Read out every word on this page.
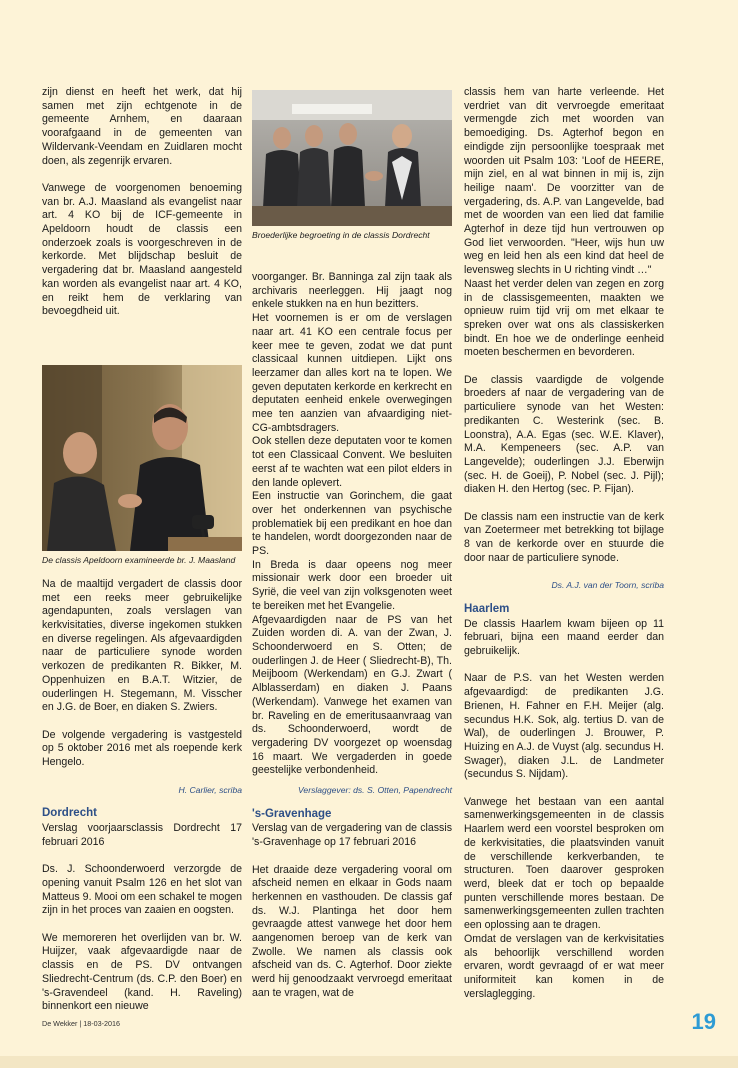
zijn dienst en heeft het werk, dat hij samen met zijn echtgenote in de gemeente Arnhem, en daaraan voorafgaand in de gemeenten van Wildervank-Veendam en Zuidlaren mocht doen, als zegenrijk ervaren.

Vanwege de voorgenomen benoeming van br. A.J. Maasland als evangelist naar art. 4 KO bij de ICF-gemeente in Apeldoorn houdt de classis een onderzoek zoals is voorgeschreven in de kerkorde. Met blijdschap besluit de vergadering dat br. Maasland aangesteld kan worden als evangelist naar art. 4 KO, en reikt hem de verklaring van bevoegdheid uit.

De classis Apeldoorn examineerde br. J. Maasland

Na de maaltijd vergadert de classis door met een reeks meer gebruikelijke agendapunten, zoals verslagen van kerkvisitaties, diverse ingekomen stukken en diverse regelingen. Als afgevaardigden naar de particuliere synode worden verkozen de predikanten R. Bikker, M. Oppenhuizen en B.A.T. Witzier, de ouderlingen H. Stegemann, M. Visscher en J.G. de Boer, en diaken S. Zwiers.

De volgende vergadering is vastgesteld op 5 oktober 2016 met als roepende kerk Hengelo.

H. Carlier, scriba
Dordrecht

Verslag voorjaarsclassis Dordrecht 17 februari 2016

Ds. J. Schoonderwoerd verzorgde de opening vanuit Psalm 126 en het slot van Matteus 9. Mooi om een schakel te mogen zijn in het proces van zaaien en oogsten.

We memoreren het overlijden van br. W. Huijzer, vaak afgevaardigde naar de classis en de PS. DV ontvangen Sliedrecht-Centrum (ds. C.P. den Boer) en 's-Gravendeel (kand. H. Raveling) binnenkort een nieuwe

Broederlijke begroeting in de classis Dordrecht

voorganger. Br. Banninga zal zijn taak als archivaris neerleggen. Hij jaagt nog enkele stukken na en hun bezitters.

Het voornemen is er om de verslagen naar art. 41 KO een centrale focus per keer mee te geven, zodat we dat punt classicaal kunnen uitdiepen. Lijkt ons leerzamer dan alles kort na te lopen. We geven deputaten kerkorde en kerkrecht en deputaten eenheid enkele overwegingen mee ten aanzien van afvaardiging niet-CG-ambtsdragers.

Ook stellen deze deputaten voor te komen tot een Classicaal Convent. We besluiten eerst af te wachten wat een pilot elders in den lande oplevert.

Een instructie van Gorinchem, die gaat over het onderkennen van psychische problematiek bij een predikant en hoe dan te handelen, wordt doorgezonden naar de PS.

In Breda is daar opeens nog meer missionair werk door een broeder uit Syrië, die veel van zijn volksgenoten weet te bereiken met het Evangelie.

Afgevaardigden naar de PS van het Zuiden worden di. A. van der Zwan, J. Schoonderwoerd en S. Otten; de ouderlingen J. de Heer ( Sliedrecht-B), Th. Meijboom (Werkendam) en G.J. Zwart ( Alblasserdam) en diaken J. Paans (Werkendam). Vanwege het examen van br. Raveling en de emeritusaanvraag van ds. Schoonderwoerd, wordt de vergadering DV voorgezet op woensdag 16 maart. We vergaderden in goede geestelijke verbondenheid.

Verslaggever: ds. S. Otten, Papendrecht
's-Gravenhage

Verslag van de vergadering van de classis 's-Gravenhage op 17 februari 2016

Het draaide deze vergadering vooral om afscheid nemen en elkaar in Gods naam herkennen en vasthouden. De classis gaf ds. W.J. Plantinga het door hem gevraagde attest vanwege het door hem aangenomen beroep van de kerk van Zwolle. We namen als classis ook afscheid van ds. C. Agterhof. Door ziekte werd hij genoodzaakt vervroegd emeritaat aan te vragen, wat de

classis hem van harte verleende. Het verdriet van dit vervroegde emeritaat vermengde zich met woorden van bemoediging. Ds. Agterhof begon en eindigde zijn persoonlijke toespraak met woorden uit Psalm 103: 'Loof de HEERE, mijn ziel, en al wat binnen in mij is, zijn heilige naam'. De voorzitter van de vergadering, ds. A.P. van Langevelde, bad met de woorden van een lied dat familie Agterhof in deze tijd hun vertrouwen op God liet verwoorden. "Heer, wijs hun uw weg en leid hen als een kind dat heel de levensweg slechts in U richting vindt …"

Naast het verder delen van zegen en zorg in de classisgemeenten, maakten we opnieuw ruim tijd vrij om met elkaar te spreken over wat ons als classiskerken bindt. En hoe we de onderlinge eenheid moeten beschermen en bevorderen.

De classis vaardigde de volgende broeders af naar de vergadering van de particuliere synode van het Westen: predikanten C. Westerink (sec. B. Loonstra), A.A. Egas (sec. W.E. Klaver), M.A. Kempeneers (sec. A.P. van Langevelde); ouderlingen J.J. Eberwijn (sec. H. de Goeij), P. Nobel (sec. J. Pijl); diaken H. den Hertog (sec. P. Fijan).

De classis nam een instructie van de kerk van Zoetermeer met betrekking tot bijlage 8 van de kerkorde over en stuurde die door naar de particuliere synode.

Ds. A.J. van der Toorn, scriba
Haarlem

De classis Haarlem kwam bijeen op 11 februari, bijna een maand eerder dan gebruikelijk.

Naar de P.S. van het Westen werden afgevaardigd: de predikanten J.G. Brienen, H. Fahner en F.H. Meijer (alg. secundus H.K. Sok, alg. tertius D. van de Wal), de ouderlingen J. Brouwer, P. Huizing en A.J. de Vuyst (alg. secundus H. Swager), diaken J.L. de Landmeter (secundus S. Nijdam).

Vanwege het bestaan van een aantal samenwerkingsgemeenten in de classis Haarlem werd een voorstel besproken om de kerkvisitaties, die plaatsvinden vanuit de verschillende kerkverbanden, te structuren. Toen daarover gesproken werd, bleek dat er toch op bepaalde punten verschillende mores bestaan. De samenwerkingsgemeenten zullen trachten een oplossing aan te dragen.

Omdat de verslagen van de kerkvisitaties als behoorlijk verschillend worden ervaren, wordt gevraagd of er wat meer uniformiteit kan komen in de verslaglegging.

De Wekker | 18-03-2016	19
